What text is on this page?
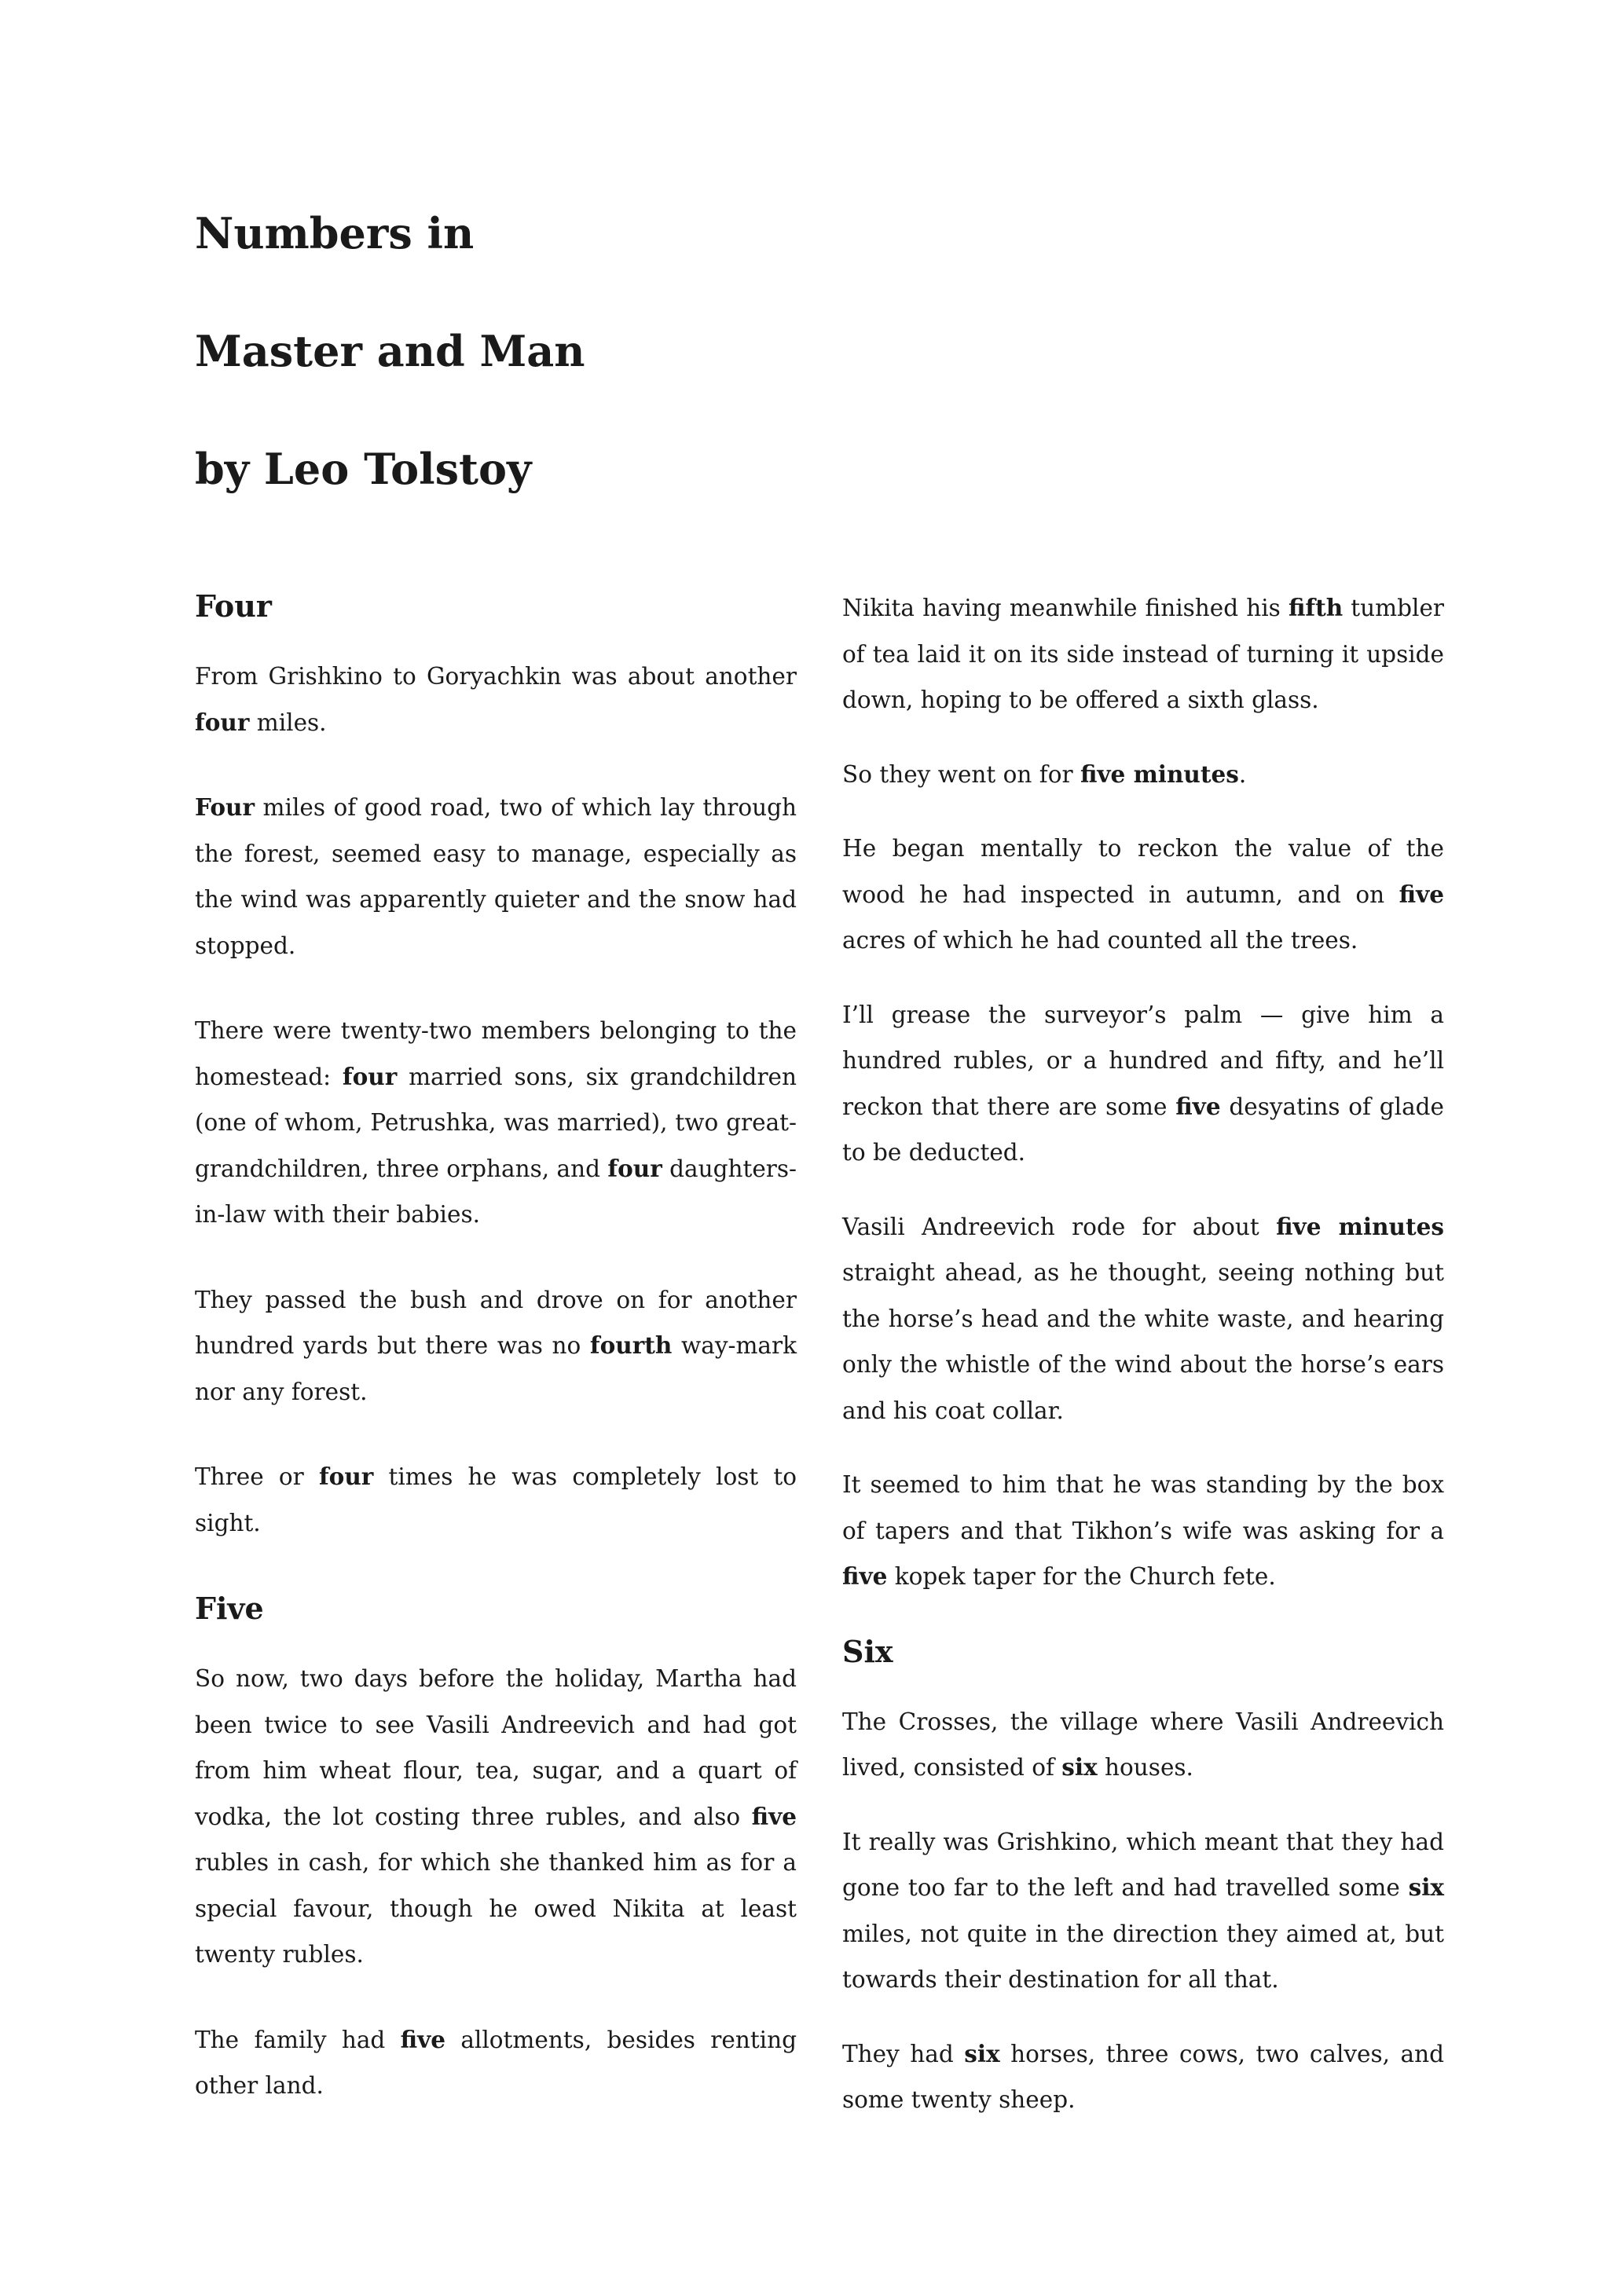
Numbers in
Master and Man
by Leo Tolstoy
Four

From Grishkino to Goryachkin was about another four miles.

Four miles of good road, two of which lay through the forest, seemed easy to manage, especially as the wind was apparently quieter and the snow had stopped.

There were twenty-two members belonging to the homestead: four married sons, six grandchildren (one of whom, Petrushka, was married), two great-grandchildren, three orphans, and four daughters-in-law with their babies.

They passed the bush and drove on for another hundred yards but there was no fourth way-mark nor any forest.

Three or four times he was completely lost to sight.

Five

So now, two days before the holiday, Martha had been twice to see Vasili Andreevich and had got from him wheat flour, tea, sugar, and a quart of vodka, the lot costing three rubles, and also five rubles in cash, for which she thanked him as for a special favour, though he owed Nikita at least twenty rubles.

The family had five allotments, besides renting other land.

Nikita having meanwhile finished his fifth tumbler of tea laid it on its side instead of turning it upside down, hoping to be offered a sixth glass.

So they went on for five minutes.

He began mentally to reckon the value of the wood he had inspected in autumn, and on five acres of which he had counted all the trees.

I’ll grease the surveyor’s palm — give him a hundred rubles, or a hundred and fifty, and he’ll reckon that there are some five desyatins of glade to be deducted.

Vasili Andreevich rode for about five minutes straight ahead, as he thought, seeing nothing but the horse’s head and the white waste, and hearing only the whistle of the wind about the horse’s ears and his coat collar.

It seemed to him that he was standing by the box of tapers and that Tikhon’s wife was asking for a five kopek taper for the Church fete.

Six

The Crosses, the village where Vasili Andreevich lived, consisted of six houses.

It really was Grishkino, which meant that they had gone too far to the left and had travelled some six miles, not quite in the direction they aimed at, but towards their destination for all that.

They had six horses, three cows, two calves, and some twenty sheep.
